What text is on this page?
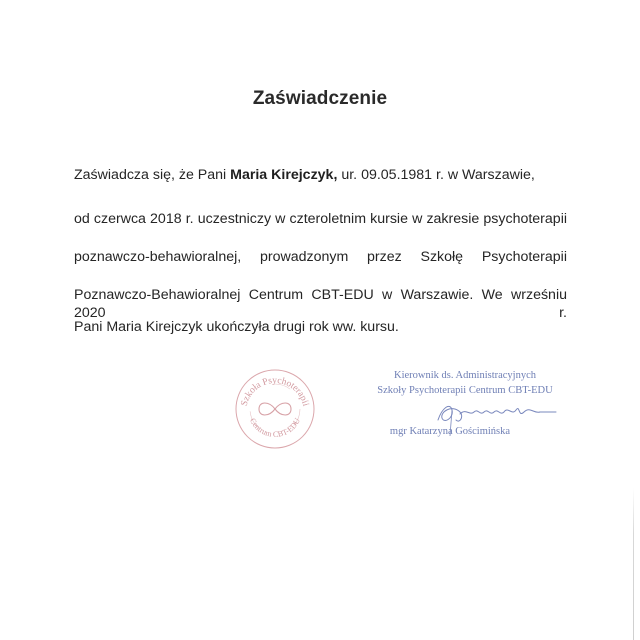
Zaświadczenie
Zaświadcza się, że Pani Maria Kirejczyk, ur. 09.05.1981 r. w Warszawie,
od czerwca 2018 r. uczestniczy w czteroletnim kursie w zakresie psychoterapii
poznawczo-behawioralnej, prowadzonym przez Szkołę Psychoterapii
Poznawczo-Behawioralnej Centrum CBT-EDU w Warszawie. We wrześniu 2020 r.
Pani Maria Kirejczyk ukończyła drugi rok ww. kursu.
Szkoła Psychoterapii
Centrum CBT-EDU
Kierownik ds. Administracyjnych
Szkoły Psychoterapii Centrum CBT-EDU
mgr Katarzyna Gościmińska
